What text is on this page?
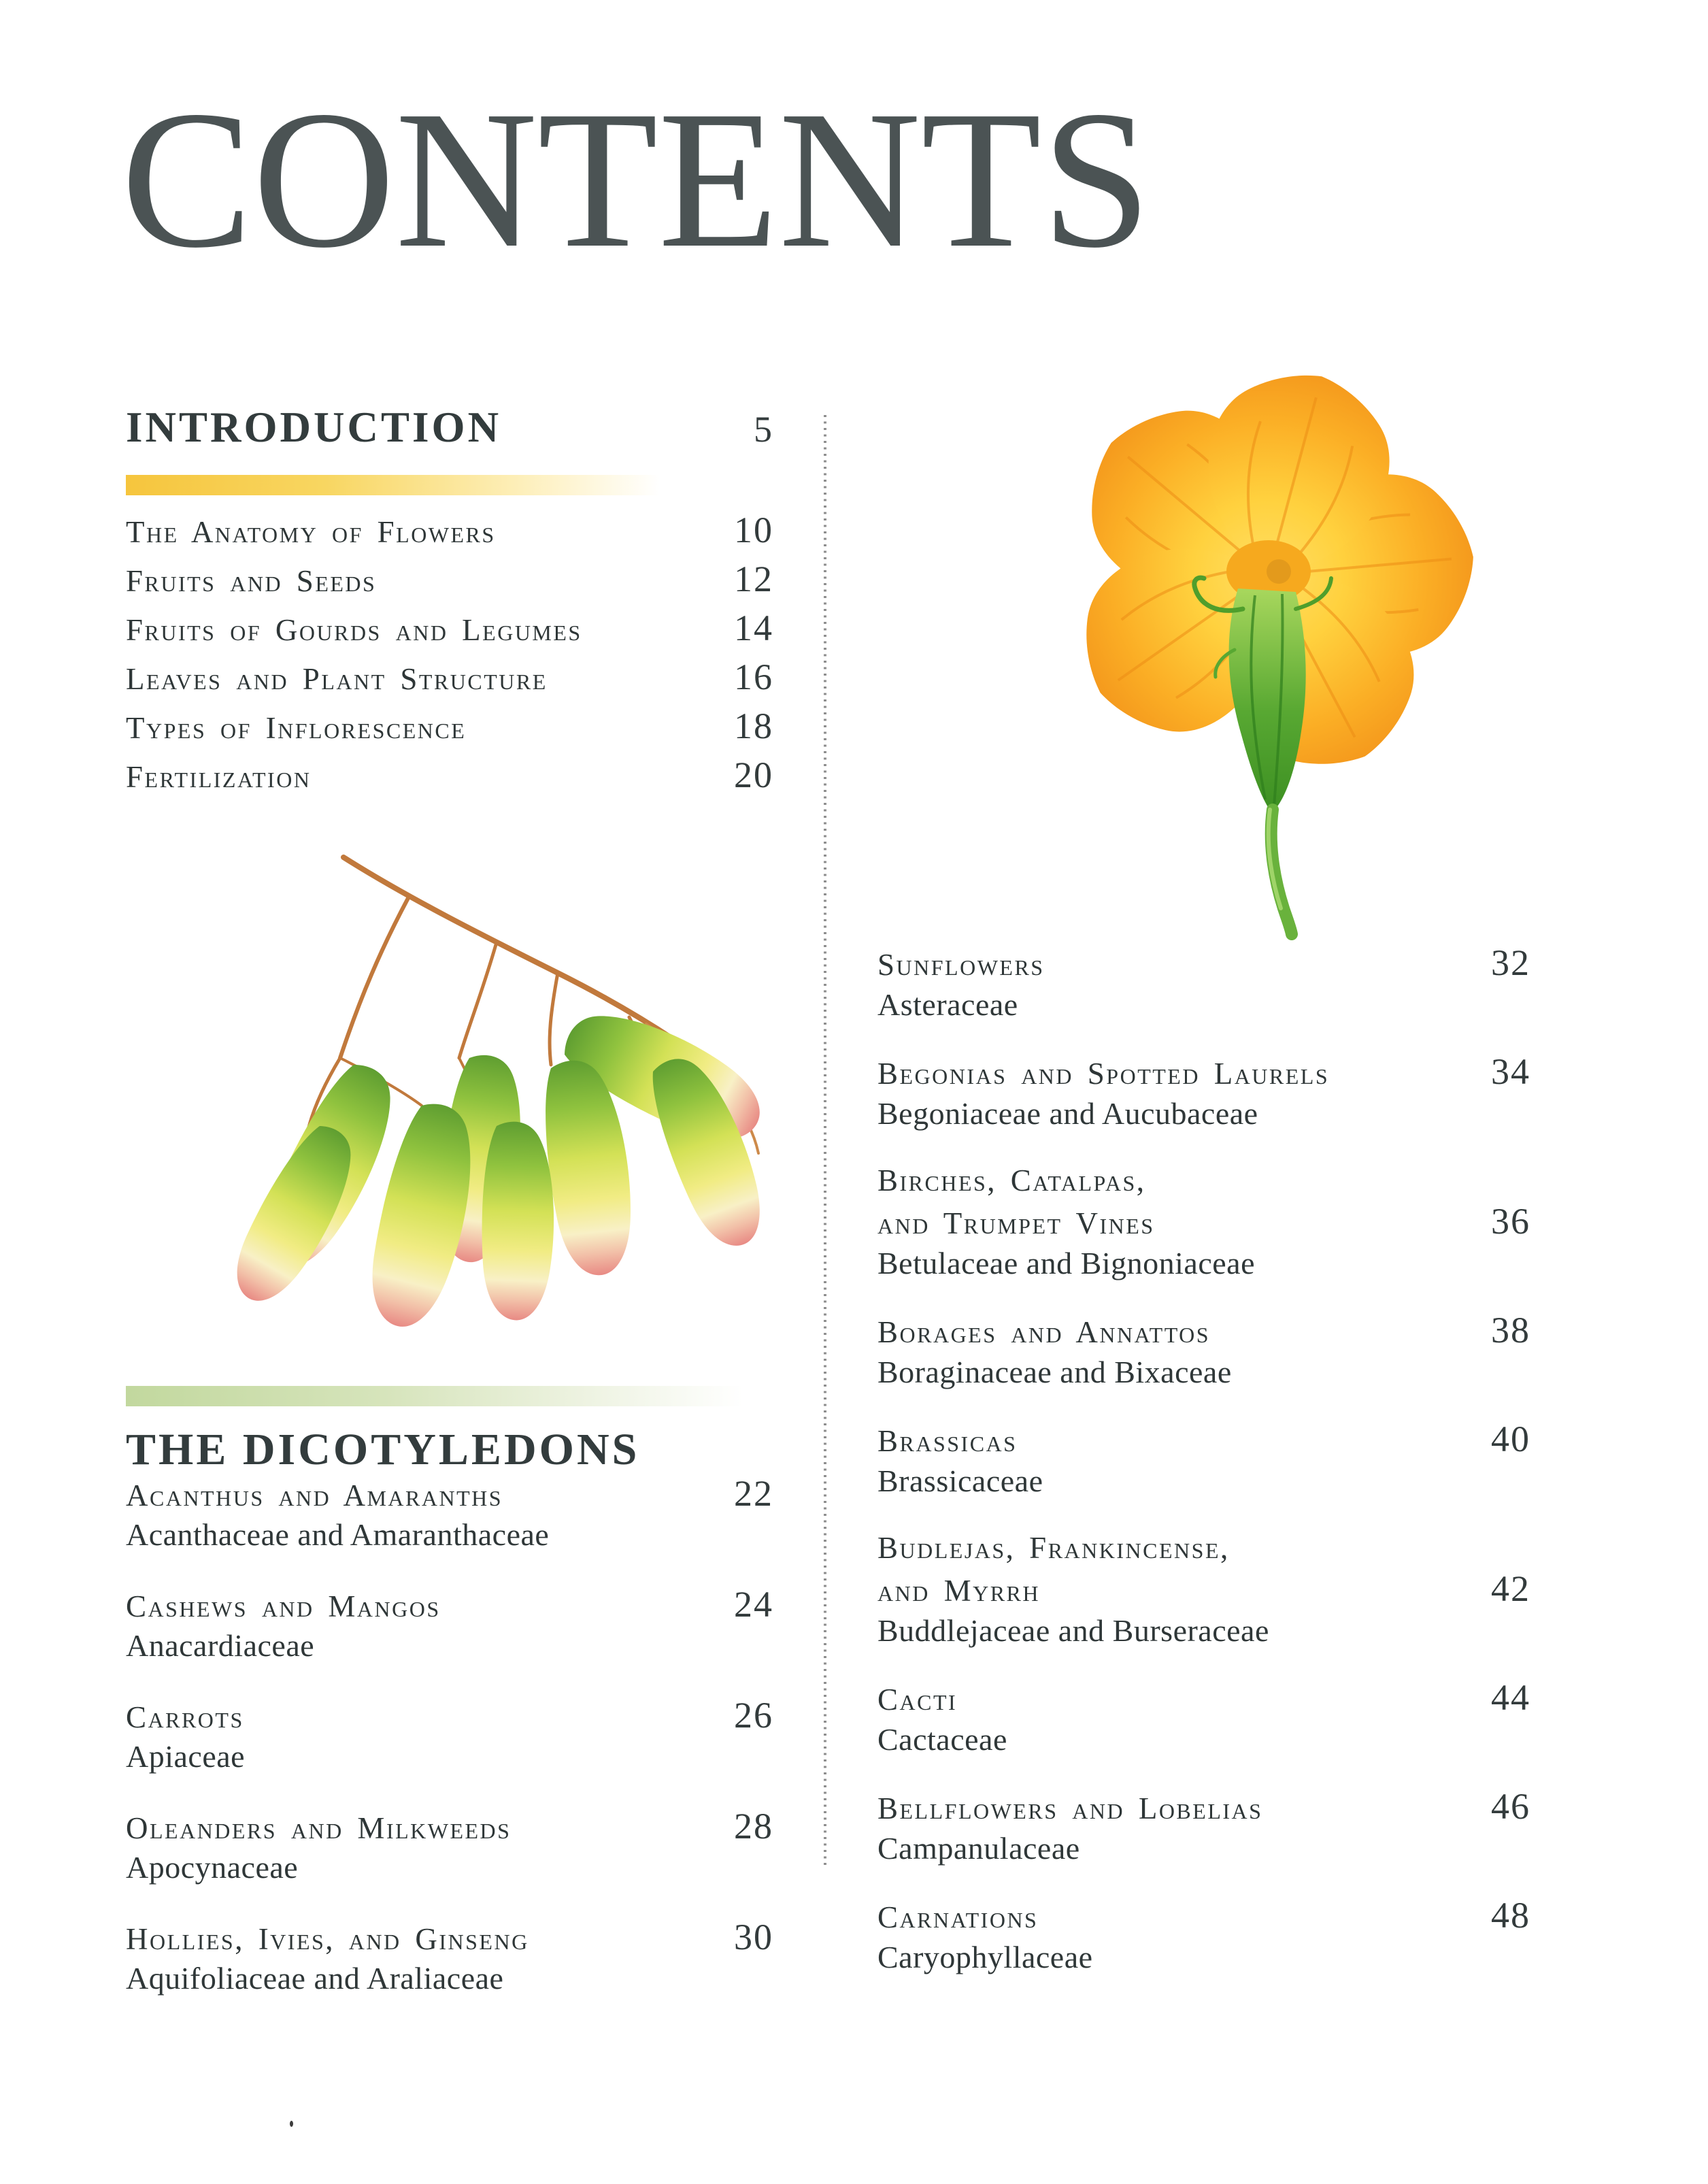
CONTENTS
INTRODUCTION	5
The Anatomy of Flowers	10
Fruits and Seeds	12
Fruits of Gourds and Legumes	14
Leaves and Plant Structure	16
Types of Inflorescence	18
Fertilization	20
THE DICOTYLEDONS
Acanthus and Amaranths	22
Acanthaceae and Amaranthaceae
Cashews and Mangos	24
Anacardiaceae
Carrots	26
Apiaceae
Oleanders and Milkweeds	28
Apocynaceae
Hollies, Ivies, and Ginseng	30
Aquifoliaceae and Araliaceae
Sunflowers	32
Asteraceae
Begonias and Spotted Laurels	34
Begoniaceae and Aucubaceae
Birches, Catalpas,
and Trumpet Vines	36
Betulaceae and Bignoniaceae
Borages and Annattos	38
Boraginaceae and Bixaceae
Brassicas	40
Brassicaceae
Budlejas, Frankincense,
and Myrrh	42
Buddlejaceae and Burseraceae
Cacti	44
Cactaceae
Bellflowers and Lobelias	46
Campanulaceae
Carnations	48
Caryophyllaceae
